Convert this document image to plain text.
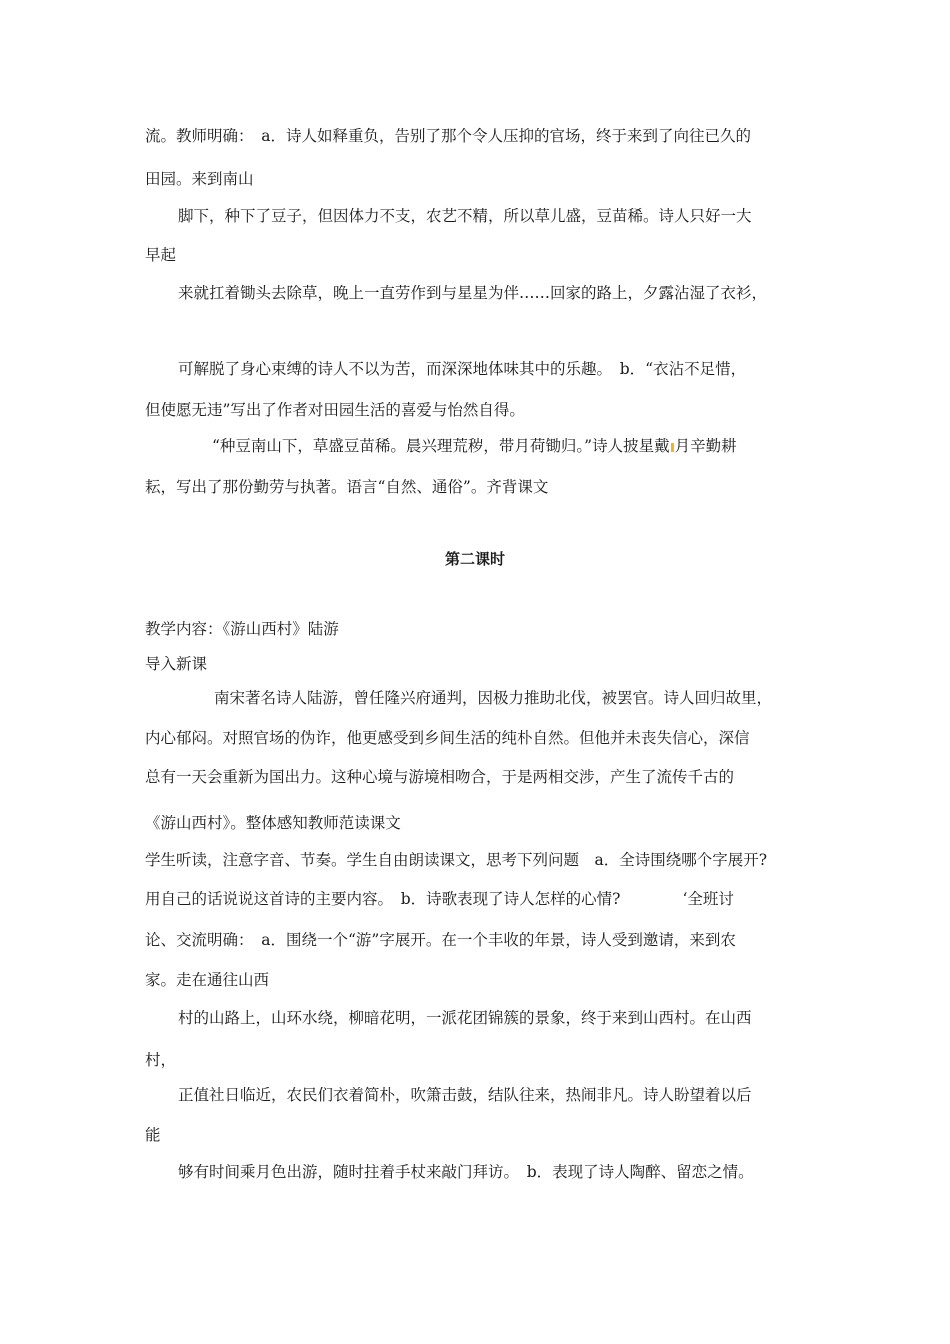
流。教师明确：　a．诗人如释重负，告别了那个令人压抑的官场，终于来到了向往已久的
田园。来到南山
脚下，种下了豆子，但因体力不支，农艺不精，所以草儿盛，豆苗稀。诗人只好一大
早起
来就扛着锄头去除草，晚上一直劳作到与星星为伴……回家的路上，夕露沾湿了衣衫，
可解脱了身心束缚的诗人不以为苦，而深深地体味其中的乐趣。　b．“衣沾不足惜，
但使愿无违”写出了作者对田园生活的喜爱与怡然自得。
“种豆南山下，草盛豆苗稀。晨兴理荒秽，带月荷锄归。”诗人披星戴 月辛勤耕
耘，写出了那份勤劳与执著。语言“自然、通俗”。齐背课文
第二课时
教学内容：《游山西村》陆游
导入新课
南宋著名诗人陆游，曾任隆兴府通判，因极力推助北伐，被罢官。诗人回归故里，
内心郁闷。对照官场的伪诈，他更感受到乡间生活的纯朴自然。但他并未丧失信心，深信
总有一天会重新为国出力。这种心境与游境相吻合，于是两相交涉，产生了流传千古的
《游山西村》。整体感知教师范读课文
学生听读，注意字音、节奏。学生自由朗读课文，思考下列问题　a．全诗围绕哪个字展开?
用自己的话说说这首诗的主要内容。　b．诗歌表现了诗人怎样的心情?　　　　‘全班讨
论、交流明确：　a．围绕一个“游”字展开。在一个丰收的年景，诗人受到邀请，来到农
家。走在通往山西
村的山路上，山环水绕，柳暗花明，一派花团锦簇的景象，终于来到山西村。在山西
村，
正值社日临近，农民们衣着简朴，吹箫击鼓，结队往来，热闹非凡。诗人盼望着以后
能
够有时间乘月色出游，随时拄着手杖来敲门拜访。　b．表现了诗人陶醉、留恋之情。
